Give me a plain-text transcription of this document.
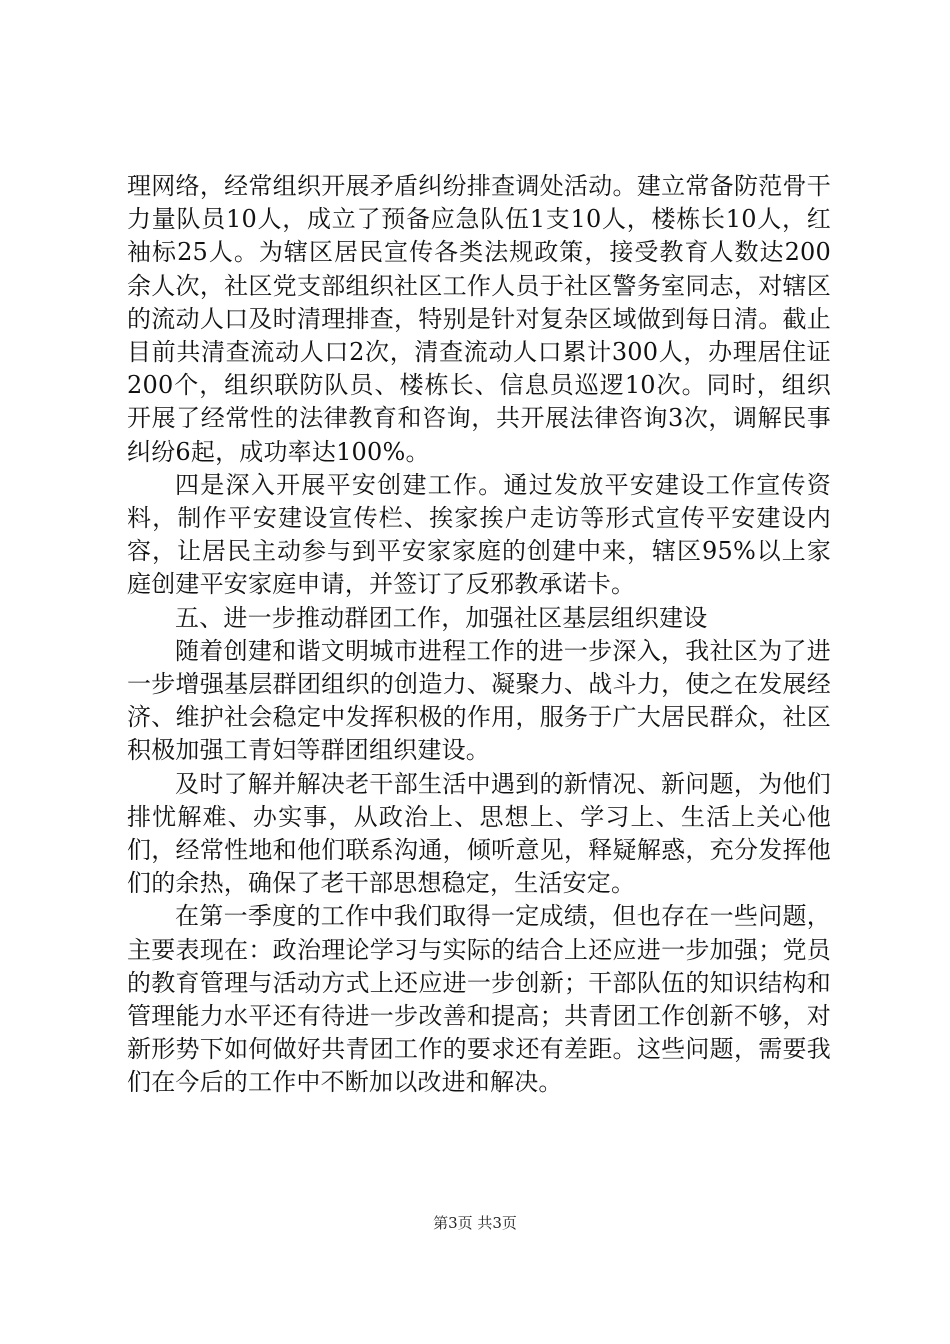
理网络，经常组织开展矛盾纠纷排查调处活动。建立常备防范骨干力量队员10人，成立了预备应急队伍1支10人，楼栋长10人，红袖标25人。为辖区居民宣传各类法规政策，接受教育人数达200余人次，社区党支部组织社区工作人员于社区警务室同志，对辖区的流动人口及时清理排查，特别是针对复杂区域做到每日清。截止目前共清查流动人口2次，清查流动人口累计300人，办理居住证200个，组织联防队员、楼栋长、信息员巡逻10次。同时，组织开展了经常性的法律教育和咨询，共开展法律咨询3次，调解民事纠纷6起，成功率达100%。

四是深入开展平安创建工作。通过发放平安建设工作宣传资料，制作平安建设宣传栏、挨家挨户走访等形式宣传平安建设内容，让居民主动参与到平安家家庭的创建中来，辖区95%以上家庭创建平安家庭申请，并签订了反邪教承诺卡。

五、进一步推动群团工作，加强社区基层组织建设

随着创建和谐文明城市进程工作的进一步深入，我社区为了进一步增强基层群团组织的创造力、凝聚力、战斗力，使之在发展经济、维护社会稳定中发挥积极的作用，服务于广大居民群众，社区积极加强工青妇等群团组织建设。

及时了解并解决老干部生活中遇到的新情况、新问题，为他们排忧解难、办实事，从政治上、思想上、学习上、生活上关心他们，经常性地和他们联系沟通，倾听意见，释疑解惑，充分发挥他们的余热，确保了老干部思想稳定，生活安定。

在第一季度的工作中我们取得一定成绩，但也存在一些问题，主要表现在：政治理论学习与实际的结合上还应进一步加强；党员的教育管理与活动方式上还应进一步创新；干部队伍的知识结构和管理能力水平还有待进一步改善和提高；共青团工作创新不够，对新形势下如何做好共青团工作的要求还有差距。这些问题，需要我们在今后的工作中不断加以改进和解决。

第3页 共3页
